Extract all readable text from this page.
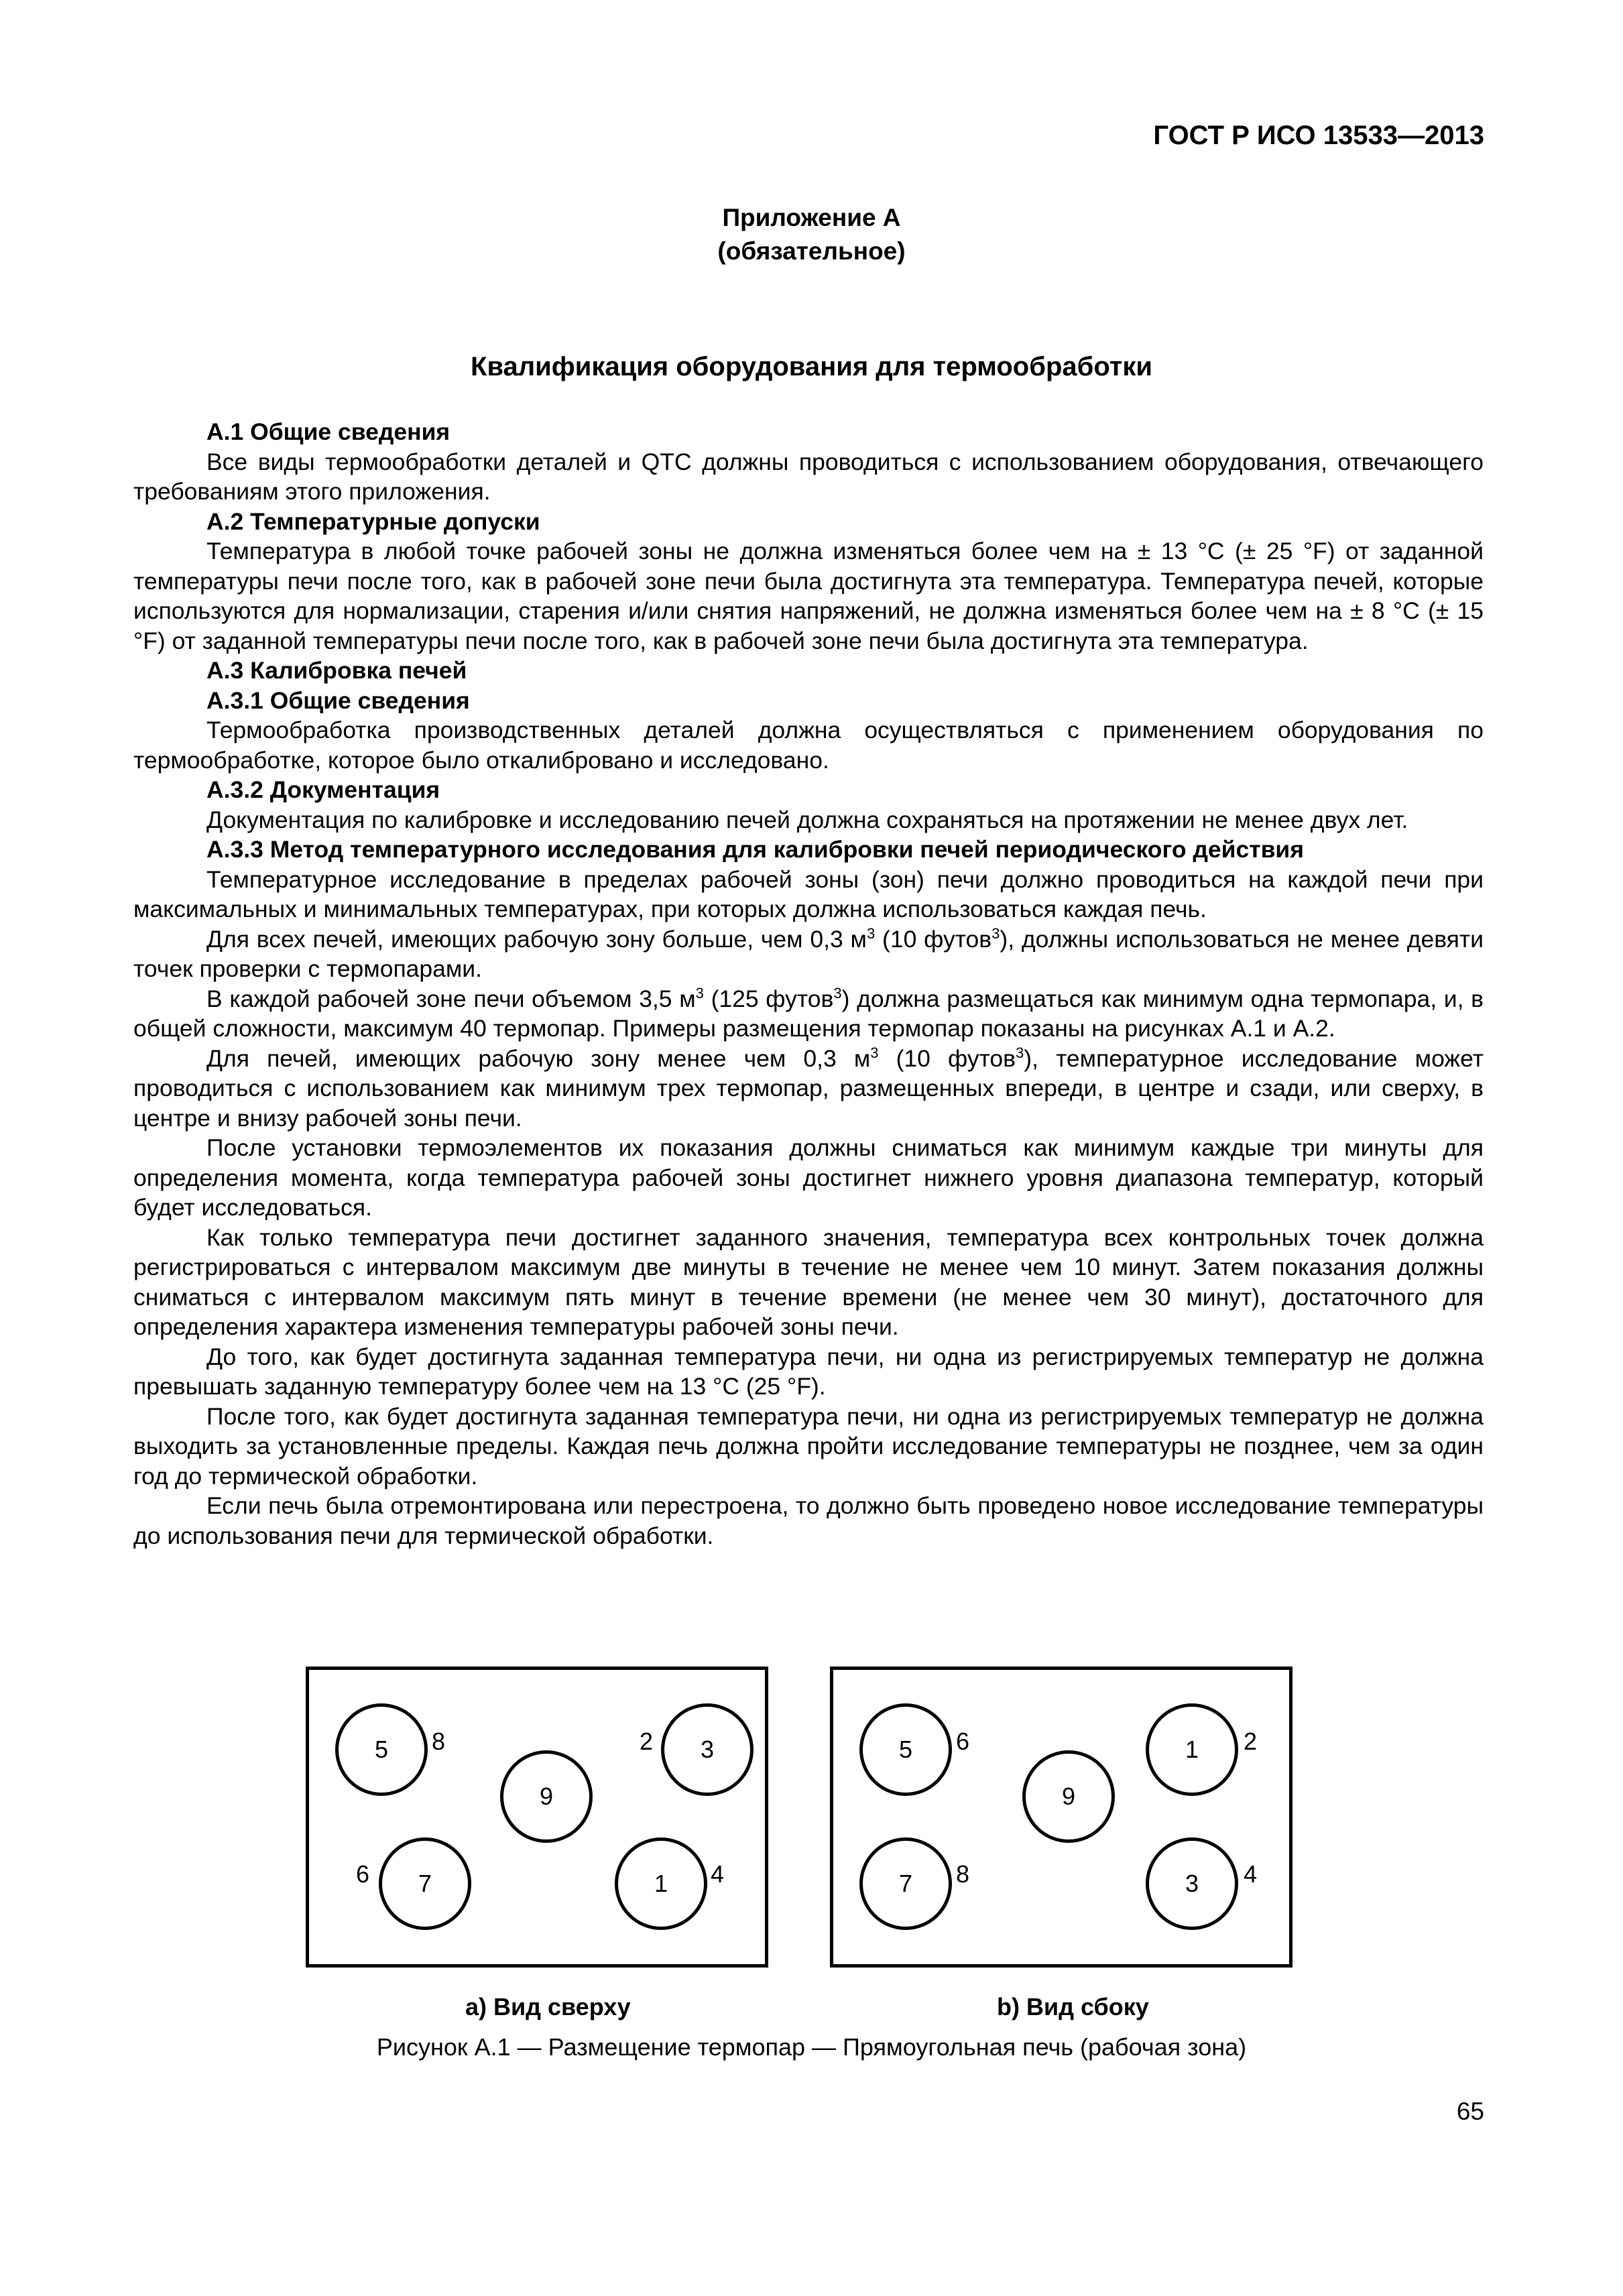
ГОСТ Р ИСО 13533—2013
Приложение А
(обязательное)
Квалификация оборудования для термообработки

А.1 Общие сведения

Все виды термообработки деталей и QTC должны проводиться с использованием оборудования, отвечающего требованиям этого приложения.

А.2 Температурные допуски

Температура в любой точке рабочей зоны не должна изменяться более чем на ± 13 °C (± 25 °F) от заданной температуры печи после того, как в рабочей зоне печи была достигнута эта температура. Температура печей, которые используются для нормализации, старения и/или снятия напряжений, не должна изменяться более чем на ± 8 °C (± 15 °F) от заданной температуры печи после того, как в рабочей зоне печи была достигнута эта температура.

А.3 Калибровка печей

А.3.1 Общие сведения

Термообработка производственных деталей должна осуществляться с применением оборудования по термообработке, которое было откалибровано и исследовано.

А.3.2 Документация

Документация по калибровке и исследованию печей должна сохраняться на протяжении не менее двух лет.

А.3.3 Метод температурного исследования для калибровки печей периодического действия

Температурное исследование в пределах рабочей зоны (зон) печи должно проводиться на каждой печи при максимальных и минимальных температурах, при которых должна использоваться каждая печь.

Для всех печей, имеющих рабочую зону больше, чем 0,3 $м^3$ (10 футов$^3$), должны использоваться не менее девяти точек проверки с термопарами.

В каждой рабочей зоне печи объемом 3,5 $м^3$ (125 футов$^3$) должна размещаться как минимум одна термопара, и, в общей сложности, максимум 40 термопар. Примеры размещения термопар показаны на рисунках А.1 и А.2.

Для печей, имеющих рабочую зону менее чем 0,3 $м^3$ (10 футов$^3$), температурное исследование может проводиться с использованием как минимум трех термопар, размещенных впереди, в центре и сзади, или сверху, в центре и внизу рабочей зоны печи.

После установки термоэлементов их показания должны сниматься как минимум каждые три минуты для определения момента, когда температура рабочей зоны достигнет нижнего уровня диапазона температур, который будет исследоваться.

Как только температура печи достигнет заданного значения, температура всех контрольных точек должна регистрироваться с интервалом максимум две минуты в течение не менее чем 10 минут. Затем показания должны сниматься с интервалом максимум пять минут в течение времени (не менее чем 30 минут), достаточного для определения характера изменения температуры рабочей зоны печи.

До того, как будет достигнута заданная температура печи, ни одна из регистрируемых температур не должна превышать заданную температуру более чем на 13 °C (25 °F).

После того, как будет достигнута заданная температура печи, ни одна из регистрируемых температур не должна выходить за установленные пределы. Каждая печь должна пройти исследование температуры не позднее, чем за один год до термической обработки.

Если печь была отремонтирована или перестроена, то должно быть проведено новое исследование температуры до использования печи для термической обработки.

5	8	2	3
9
6	7	1	4
5	6	1	2
9
7	8	3	4
а) Вид сверху	b) Вид сбоку
Рисунок А.1 — Размещение термопар — Прямоугольная печь (рабочая зона)
65
